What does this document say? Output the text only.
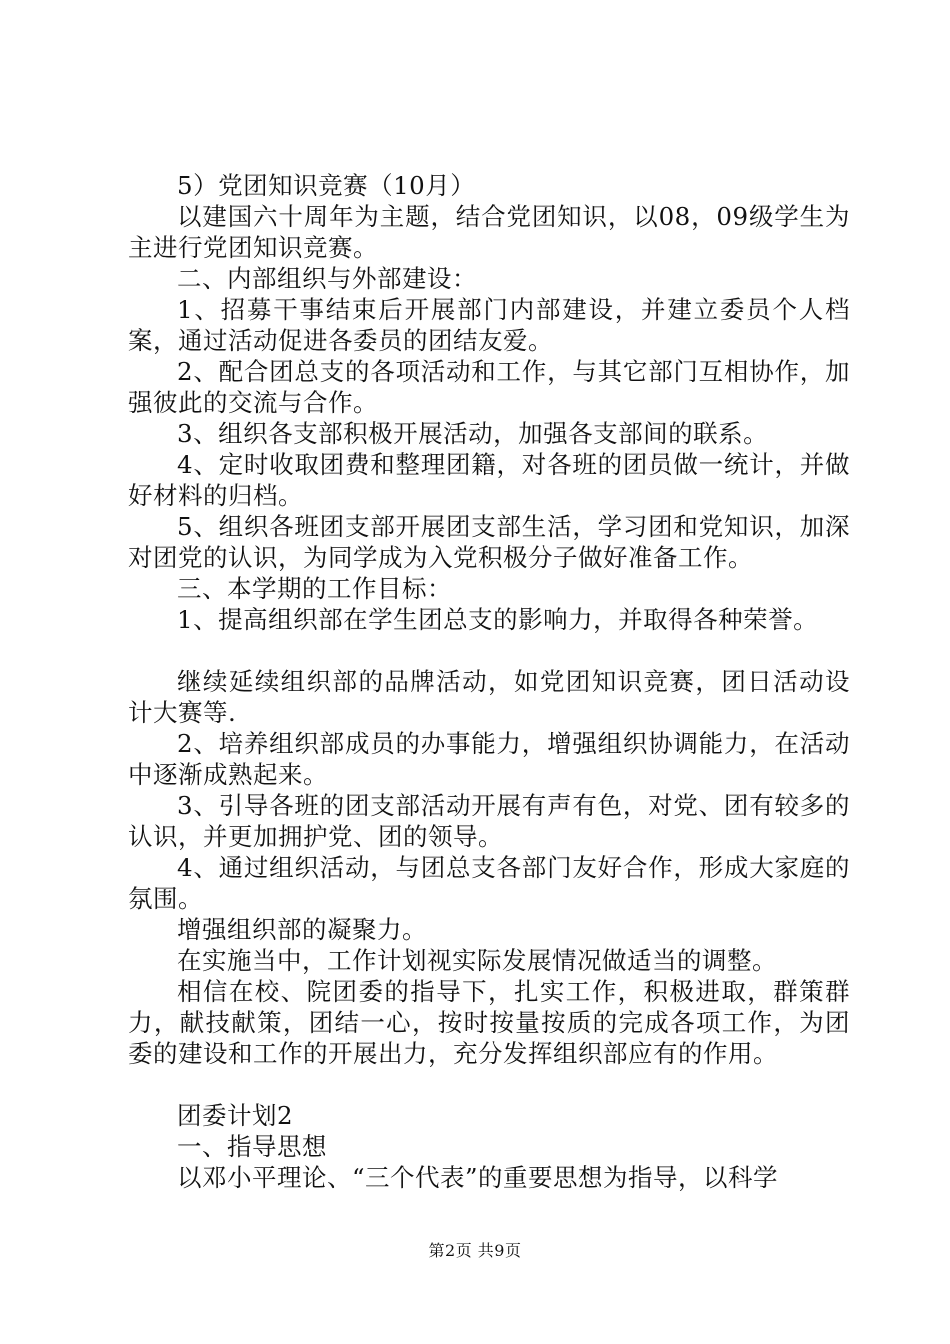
5）党团知识竞赛（10月）

以建国六十周年为主题，结合党团知识，以08，09级学生为主进行党团知识竞赛。

二、内部组织与外部建设：

1、招募干事结束后开展部门内部建设，并建立委员个人档案，通过活动促进各委员的团结友爱。

2、配合团总支的各项活动和工作，与其它部门互相协作，加强彼此的交流与合作。

3、组织各支部积极开展活动，加强各支部间的联系。

4、定时收取团费和整理团籍，对各班的团员做一统计，并做好材料的归档。

5、组织各班团支部开展团支部生活，学习团和党知识，加深对团党的认识，为同学成为入党积极分子做好准备工作。

三、本学期的工作目标：

1、提高组织部在学生团总支的影响力，并取得各种荣誉。

继续延续组织部的品牌活动，如党团知识竞赛，团日活动设计大赛等.

2、培养组织部成员的办事能力，增强组织协调能力，在活动中逐渐成熟起来。

3、引导各班的团支部活动开展有声有色，对党、团有较多的认识，并更加拥护党、团的领导。

4、通过组织活动，与团总支各部门友好合作，形成大家庭的氛围。

增强组织部的凝聚力。

在实施当中，工作计划视实际发展情况做适当的调整。

相信在校、院团委的指导下，扎实工作，积极进取，群策群力，献技献策，团结一心，按时按量按质的完成各项工作，为团委的建设和工作的开展出力，充分发挥组织部应有的作用。

团委计划2

一、指导思想

以邓小平理论、“三个代表”的重要思想为指导，以科学

第2页 共9页
